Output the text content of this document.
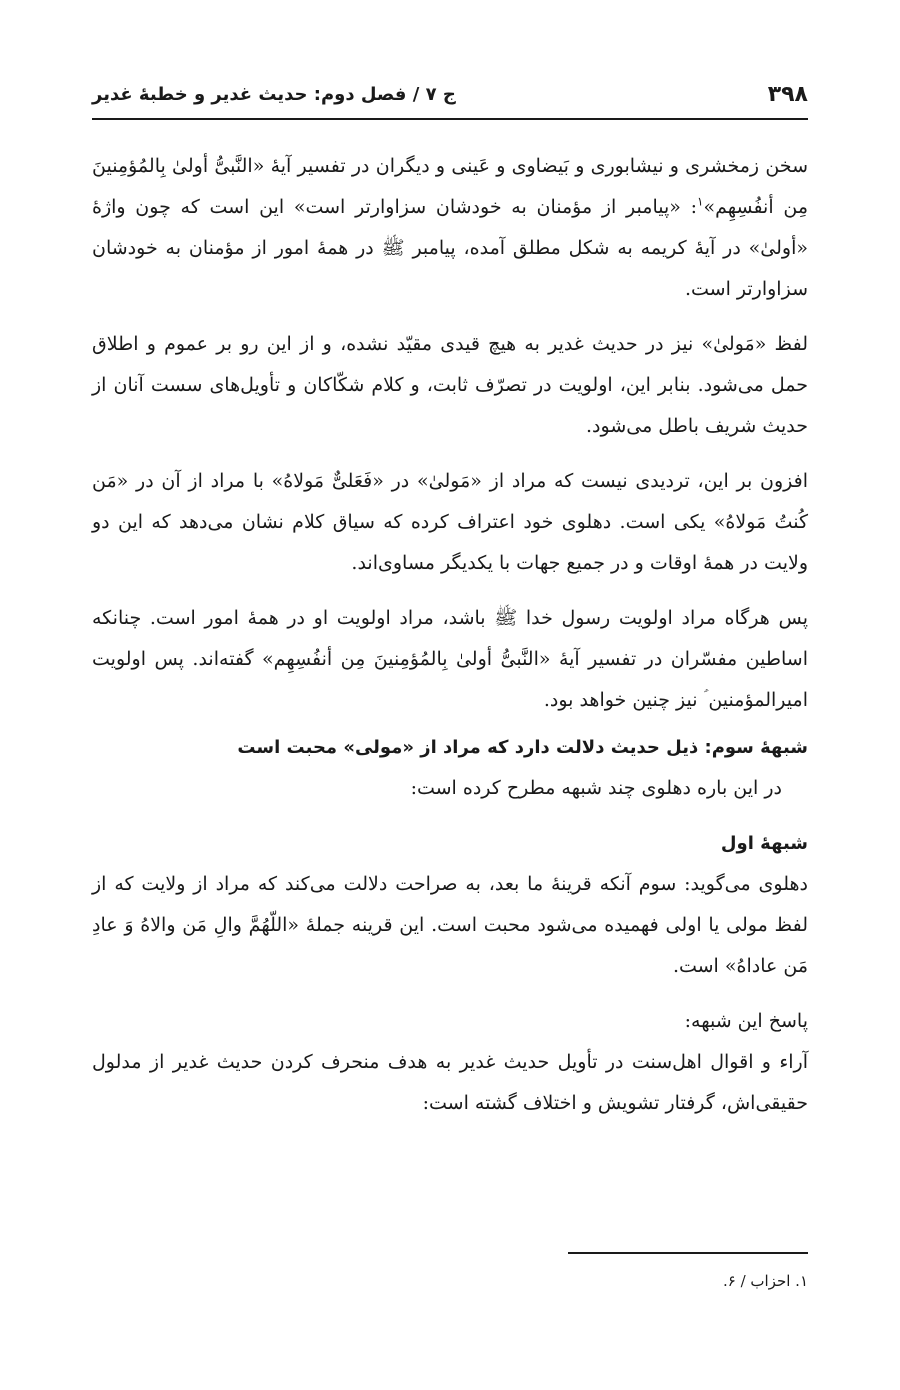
۳۹۸
ج ۷ / فصل دوم: حدیث غدیر و خطبهٔ غدیر

سخن زمخشری و نیشابوری و بَیضاوی و عَینی و دیگران در تفسیر آیهٔ «النَّبیُّ أولیٰ بِالمُؤمِنینَ مِن أنفُسِهِم»$^۱$: «پیامبر از مؤمنان به خودشان سزاوارتر است» این است که چون واژهٔ «أولیٰ» در آیهٔ کریمه به شکل مطلق آمده، پیامبر ﷺ در همهٔ امور از مؤمنان به خودشان سزاوارتر است.

لفظ «مَولیٰ» نیز در حدیث غدیر به هیچ قیدی مقیّد نشده، و از این رو بر عموم و اطلاق حمل می‌شود. بنابر این، اولویت در تصرّف ثابت، و کلام شکّاکان و تأویل‌های سست آنان از حدیث شریف باطل می‌شود.

افزون بر این، تردیدی نیست که مراد از «مَولیٰ» در «فَعَلیٌّ مَولاهُ» با مراد از آن در «مَن کُنتُ مَولاهُ» یکی است. دهلوی خود اعتراف کرده که سیاق کلام نشان می‌دهد که این دو ولایت در همهٔ اوقات و در جمیع جهات با یکدیگر مساوی‌اند.

پس هرگاه مراد اولویت رسول خدا ﷺ باشد، مراد اولویت او در همهٔ امور است. چنانکه اساطین مفسّران در تفسیر آیهٔ «النَّبیُّ أولیٰ بِالمُؤمِنینَ مِن أنفُسِهِم» گفته‌اند. پس اولویت امیرالمؤمنین ؑ نیز چنین خواهد بود.

شبههٔ سوم: ذیل حدیث دلالت دارد که مراد از «مولی» محبت است

در این باره دهلوی چند شبهه مطرح کرده است:

شبههٔ اول

دهلوی می‌گوید: سوم آنکه قرینهٔ ما بعد، به صراحت دلالت می‌کند که مراد از ولایت که از لفظ مولی یا اولی فهمیده می‌شود محبت است. این قرینه جملهٔ «اللّهُمَّ والِ مَن والاهُ وَ عادِ مَن عاداهُ» است.

پاسخ این شبهه:

آراء و اقوال اهل‌سنت در تأویل حدیث غدیر به هدف منحرف کردن حدیث غدیر از مدلول حقیقی‌اش، گرفتار تشویش و اختلاف گشته است:

۱. احزاب / ۶.
